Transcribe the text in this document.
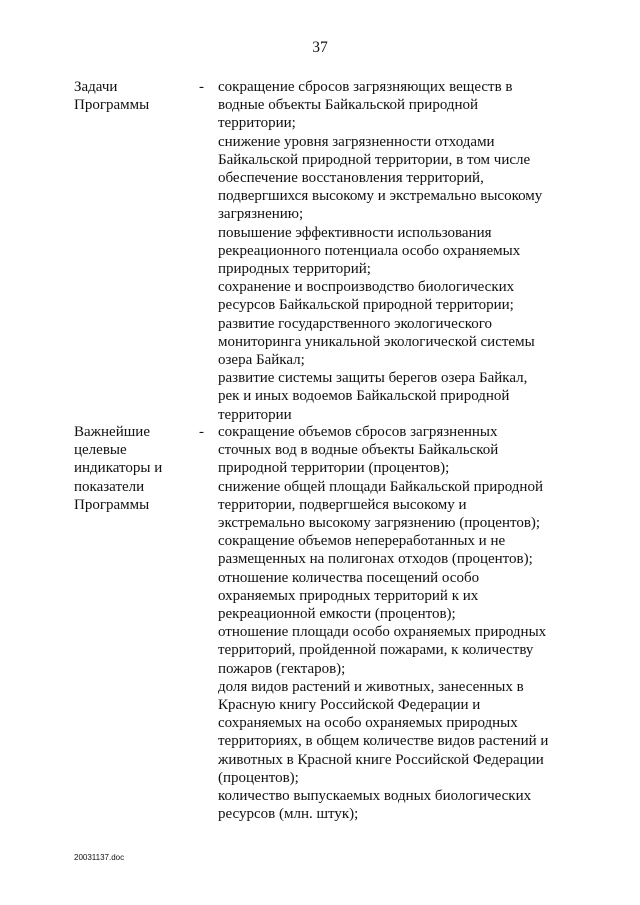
37
Задачи
Программы
- сокращение сбросов загрязняющих веществ в
водные объекты Байкальской природной
территории;
снижение уровня загрязненности отходами
Байкальской природной территории, в том числе
обеспечение восстановления территорий,
подвергшихся высокому и экстремально высокому
загрязнению;
повышение эффективности использования
рекреационного потенциала особо охраняемых
природных территорий;
сохранение и воспроизводство биологических
ресурсов Байкальской природной территории;
развитие государственного экологического
мониторинга уникальной экологической системы
озера Байкал;
развитие системы защиты берегов озера Байкал,
рек и иных водоемов Байкальской природной
территории
Важнейшие
целевые
индикаторы и
показатели
Программы
- сокращение объемов сбросов загрязненных
сточных вод в водные объекты Байкальской
природной территории (процентов);
снижение общей площади Байкальской природной
территории, подвергшейся высокому и
экстремально высокому загрязнению (процентов);
сокращение объемов непереработанных и не
размещенных на полигонах отходов (процентов);
отношение количества посещений особо
охраняемых природных территорий к их
рекреационной емкости (процентов);
отношение площади особо охраняемых природных
территорий, пройденной пожарами, к количеству
пожаров (гектаров);
доля видов растений и животных, занесенных в
Красную книгу Российской Федерации и
сохраняемых на особо охраняемых природных
территориях, в общем количестве видов растений и
животных в Красной книге Российской Федерации
(процентов);
количество выпускаемых водных биологических
ресурсов (млн. штук);
20031137.doc
